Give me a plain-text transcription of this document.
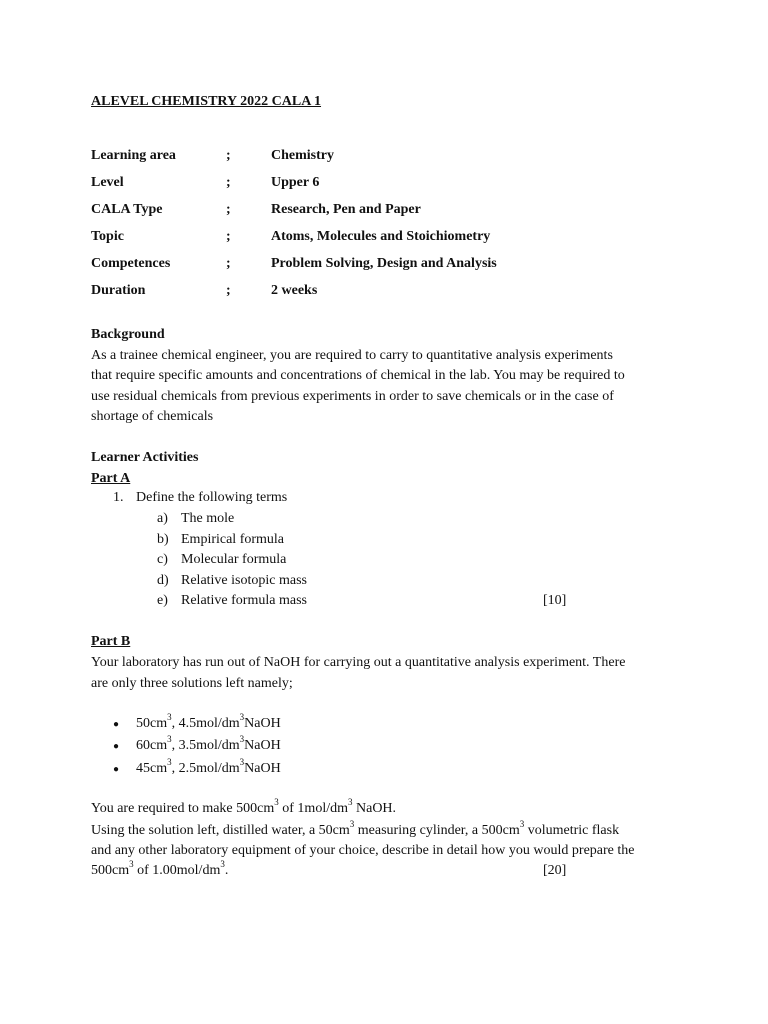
ALEVEL CHEMISTRY 2022 CALA 1
Learning area	;	Chemistry
Level	;	Upper 6
CALA Type	;	Research, Pen and Paper
Topic	;	Atoms, Molecules and Stoichiometry
Competences	;	Problem Solving, Design and Analysis
Duration	;	2 weeks
Background
As a trainee chemical engineer, you are required to carry to quantitative analysis experiments
that require specific amounts and concentrations of chemical in the lab. You may be required to
use residual chemicals from previous experiments in order to save chemicals or in the case of
shortage of chemicals
Learner Activities
Part A
1. Define the following terms
a) The mole
b) Empirical formula
c) Molecular formula
d) Relative isotopic mass
e) Relative formula mass	[10]
Part B
Your laboratory has run out of NaOH for carrying out a quantitative analysis experiment. There
are only three solutions left namely;
● $50cm^3$, $4.5mol/dm^3NaOH$
● $60cm^3$, $3.5mol/dm^3NaOH$
● $45cm^3$, $2.5mol/dm^3NaOH$
You are required to make $500cm^3$ of $1mol/dm^3$ NaOH.
Using the solution left, distilled water, a $50cm^3$ measuring cylinder, a $500cm^3$ volumetric flask
and any other laboratory equipment of your choice, describe in detail how you would prepare the
$500cm^3$ of $1.00mol/dm^3$.	[20]
